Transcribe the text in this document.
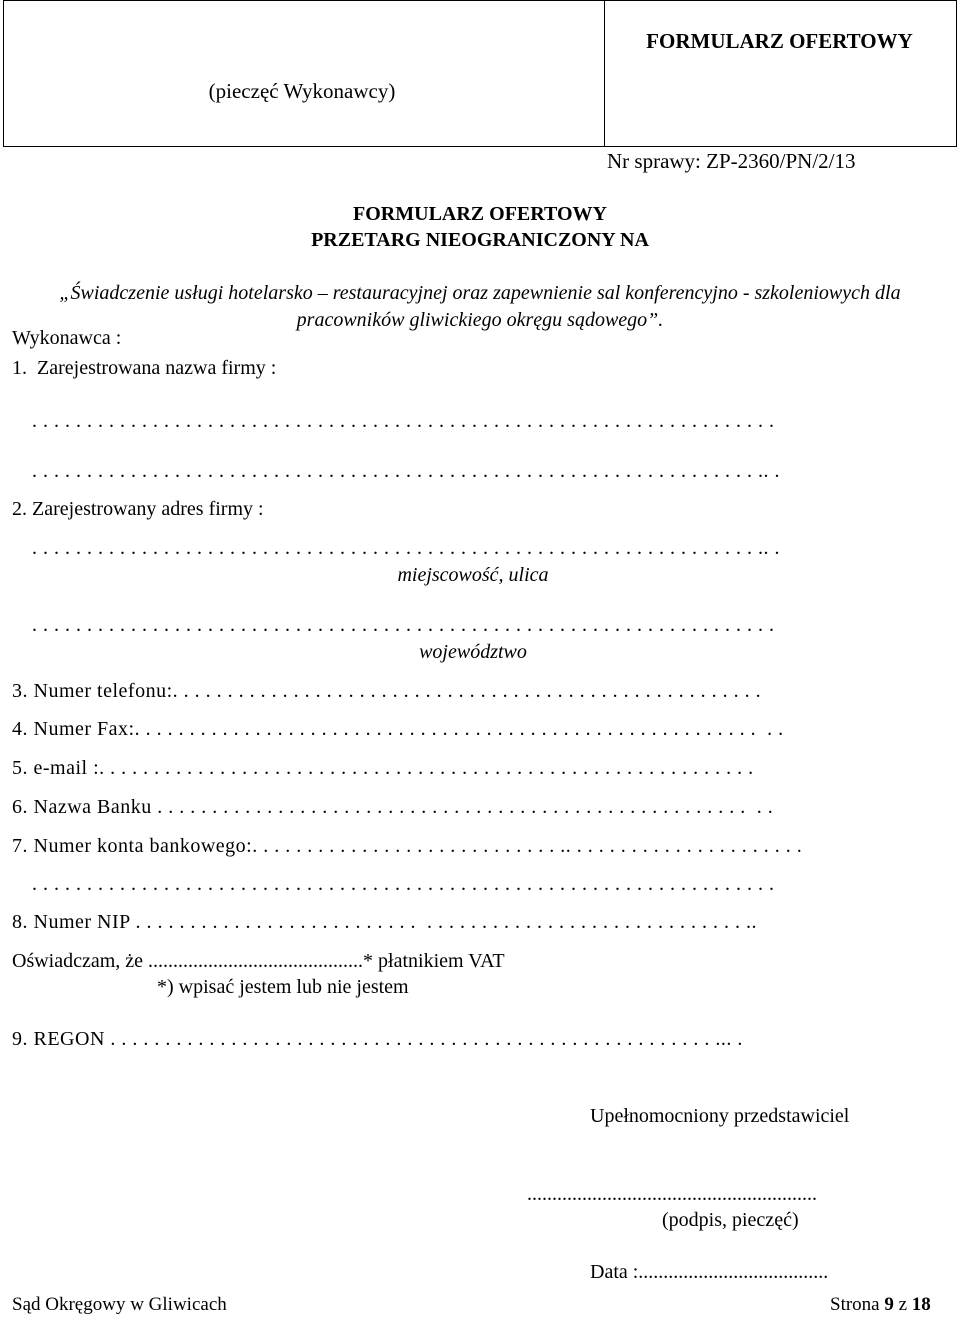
(pieczęć Wykonawcy)
FORMULARZ OFERTOWY
Nr sprawy: ZP-2360/PN/2/13
FORMULARZ OFERTOWY
PRZETARG NIEOGRANICZONY NA
„Świadczenie usługi hotelarsko – restauracyjnej oraz zapewnienie sal konferencyjno - szkoleniowych dla
pracowników gliwickiego okręgu sądowego”.
Wykonawca :
1.  Zarejestrowana nazwa firmy :
. . . . . . . . . . . . . . . . . . . . . . . . . . . . . . . . . . . . . . . . . . . . . . . . . . . . . . . . . . . . . . . . . . . .
. . . . . . . . . . . . . . . . . . . . . . . . . . . . . . . . . . . . . . . . . . . . . . . . . . . . . . . . . . . . . . . . . . .. .
2. Zarejestrowany adres firmy :
. . . . . . . . . . . . . . . . . . . . . . . . . . . . . . . . . . . . . . . . . . . . . . . . . . . . . . . . . . . . . . . . . . .. .
miejscowość, ulica
. . . . . . . . . . . . . . . . . . . . . . . . . . . . . . . . . . . . . . . . . . . . . . . . . . . . . . . . . . . . . . . . . . . .
województwo
3. Numer telefonu:. . . . . . . . . . . . . . . . . . . . . . . . . . . . . . . . . . . . . . . . . . . . . . . . . . . . . .
4. Numer Fax:. . . . . . . . . . . . . . . . . . . . . . . . . . . . . . . . . . . . . . . . . . . . . . . . . . . . . . . . .  . .
5. e-mail :. . . . . . . . . . . . . . . . . . . . . . . . . . . . . . . . . . . . . . . . . . . . . . . . . . . . . . . . . . . .
6. Nazwa Banku . . . . . . . . . . . . . . . . . . . . . . . . . . . . . . . . . . . . . . . . . . . . . . . . . . . . . .  . .
7. Numer konta bankowego:. . . . . . . . . . . . . . . . . . . . . . . . . . . . .. . . . . . . . . . . . . . . . . . . . . .
. . . . . . . . . . . . . . . . . . . . . . . . . . . . . . . . . . . . . . . . . . . . . . . . . . . . . . . . . . . . . . . . . . . .
8. Numer NIP . . . . . . . . . . . . . . . . . . . . . . . . . .  . . . . . . . . . . . . . . . . . . . . . . . . . . . . . ..
Oświadczam, że ...........................................* płatnikiem VAT
*) wpisać jestem lub nie jestem
9. REGON . . . . . . . . . . . . . . . . . . . . . . . . . . . . . . . . . . . . . . . . . . . . . . . . . . . . . . . ... .
Upełnomocniony przedstawiciel
..........................................................
(podpis, pieczęć)
Data :......................................
Sąd Okręgowy w Gliwicach	Strona 9 z 18
